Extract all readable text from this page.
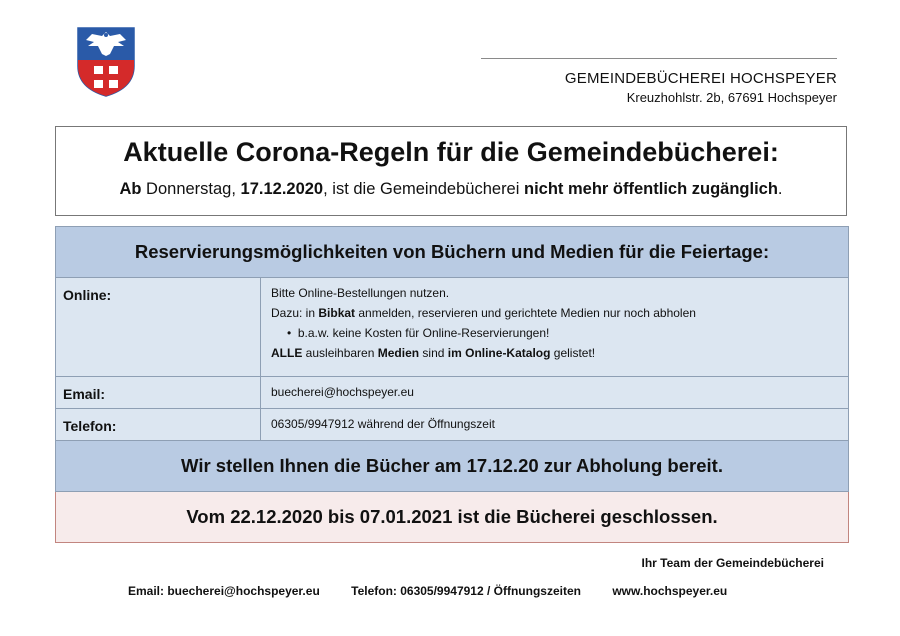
GEMEINDEBÜCHEREI HOCHSPEYER
Kreuzhohlstr. 2b, 67691 Hochspeyer
Aktuelle Corona-Regeln für die Gemeindebücherei:
Ab Donnerstag, 17.12.2020, ist die Gemeindebücherei nicht mehr öffentlich zugänglich.
Reservierungsmöglichkeiten von Büchern und Medien für die Feiertage:	
Online:	Bitte Online-Bestellungen nutzen.

Dazu: in Bibkat anmelden, reservieren und gerichtete Medien nur noch abholen

• b.a.w. keine Kosten für Online-Reservierungen!

ALLE ausleihbaren Medien sind im Online-Katalog gelistet!

Email:	buecherei@hochspeyer.eu
Telefon:	06305/9947912 während der Öffnungszeit
Wir stellen Ihnen die Bücher am 17.12.20 zur Abholung bereit.	
Vom 22.12.2020 bis 07.01.2021 ist die Bücherei geschlossen.	
Ihr Team der Gemeindebücherei
Email: buecherei@hochspeyer.eu	Telefon: 06305/9947912 / Öffnungszeiten	www.hochspeyer.eu
